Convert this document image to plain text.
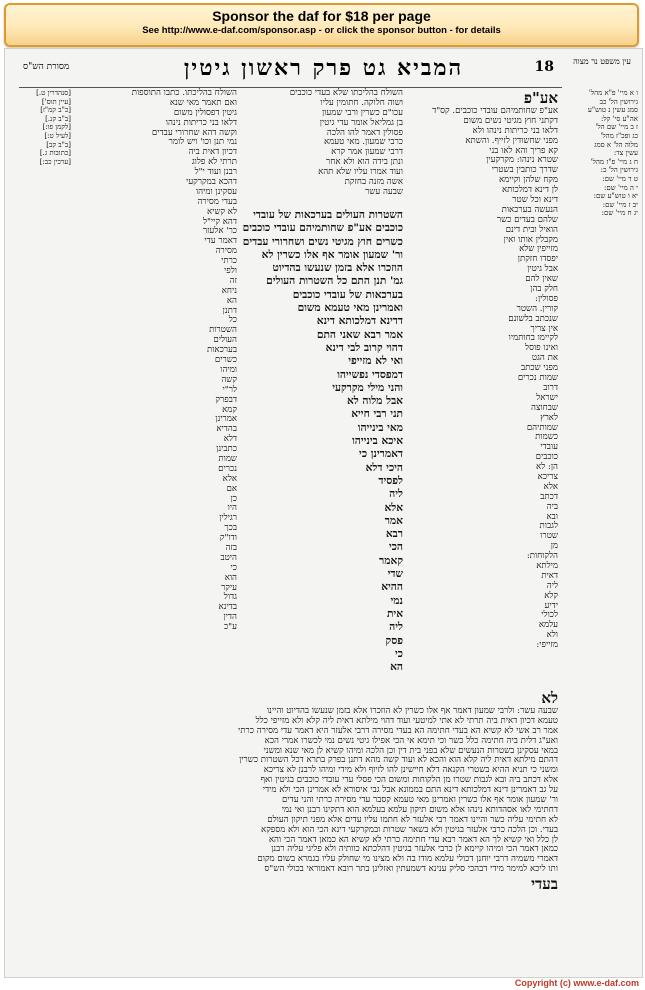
Sponsor the daf for $18 per page
See http://www.e-daf.com/sponsor.asp - or click the sponsor button - for details
עין משפט נר מצוה
18
המביא גט פרק ראשון גיטין
מסורת הש"ס
ו א מיי' פ"א מהל'
גירושין הל' כב
סמג עשין נ טוש"ע
אה"ע סי' קל:
ז ב מיי' שם הל'
כג ופכ"ז מהל'
מלוה הל' א סמג
עשין צד:
ח ג מיי' פ"ז מהל'
גירושין הל' כ:
ט ד מיי' שם:
י ה מיי' שם:
יא ו טוש"ע שם:
יב ז מיי' שם:
יג ח מיי' שם:
אע"פ
אע"פ שחותמיהם עובדי כוכבים. קס"ד
דקתני חוץ מגיטי נשים משום
דלאו בני כריתות נינהו ולא
מפני שחשודין לזייף. והשתא
קא פריך והא לאו בני
שטרא נינהו: מקרקעין
שדרך כותבין בשטרי
מקח שלהן וקיימא
לן דינא דמלכותא
דינא וכל שטר
הנעשה בערכאות
שלהם בעדים כשר
הואיל ובית דינם
מקבלין אותו ואין
מזייפין שלא
יפסדו חזקתן
אבל גיטין
שאין להם
חלק בהן
פסולין:
קורין. השטר
שנכתב בלשונם
אין צריך
לקיימו בחותמיו
ואינו פוסל
את הגט
מפני שכתב
שמות נכרים
דרוב
ישראל
שבחוצה
לארץ
שמותיהם
כשמות
עובדי
כוכבים
הן: לא
צריכא
אלא
דכתב
ביה
ובא
לגבות
שטרו
מן
הלקוחות:
מילתא
דאית
ליה
קלא
ידיע
לכולי
עלמא
ולא
מזייפי:
השולח בהליכתו שלא בעדי כוכבים
ושוה חלוקה. חתומין עליו
עכו"ם כשרין ורבי שמעון
בן גמליאל אומר עדי גיטין
פסולין דאמר להו הלכה
כרבי שמעון. מאי טעמא
דרבי שמעון אמר קרא
ונתן בידה הוא ולא אחר
ועוד אמרו עליו שלא תהא
אשה מזנה בחזקת
שבעה עשר
השטרות העולים בערכאות של עובדי
כוכבים אע"פ שחותמיהם עובדי כוכבים
כשרים חוץ מגיטי נשים ושחרורי עבדים
ור' שמעון אומר אף אלו כשרין לא
הוזכרו אלא בזמן שנעשו בהדיוט
גמ' תנן התם כל השטרות העולים
בערכאות של עובדי כוכבים
ואמרינן מאי טעמא משום
דדינא דמלכותא דינא
אמר רבא שאני התם
דהוי קרוב לבי דינא
ואי לא מזייפי
דמפסדי נפשייהו
והני מילי מקרקעי
אבל מלוה לא
תני רבי חייא
מאי בינייהו
איכא בינייהו
דאמרינן כי
היכי דלא
לפסיד
ליה
אלא
אמר
רבא
הכי
קאמר
שדי
ההיא
נמי
אית
ליה
פסק
כי
הא
השולח בהליכתו. כתבו התוספות
ואם תאמר מאי שנא
גיטין דפסולין משום
דלאו בני כריתות נינהו
וקשה דהא שחרורי עבדים
נמי תנן וכו' ויש לומר
דכיון דאית ביה
תרתי לא פלוג
רבנן ועוד י"ל
דהכא במקרקעי
עסקינן ומיהו
בעדי מסירה
לא קשיא
דהא קיי"ל
כר' אלעזר
דאמר עדי
מסירה
כרתי
ולפי
זה
ניחא
הא
דתנן
כל
השטרות
העולים
בערכאות
כשרים
ומיהו
קשה
לר"י
דבפרק
קמא
אמרינן
בהדיא
דלא
כתבינן
שמות
נכרים
אלא
אם
כן
היו
רגילין
בכך
ודו"ק
בזה
היטב
כי
הוא
עיקר
גדול
בדינא
הדין
ע"כ
לא
שבעה עשר: ולרבי שמעון דאמר אף אלו כשרין לא הוזכרו אלא בזמן שנעשו בהדיוט והיינו
טעמא דכיון דאית ביה תרתי לא אתי למיטעי ועוד דהוי מילתא דאית ליה קלא ולא מזייפי כלל
אמר רב אשי לא קשיא הא בעדי חתימה הא בעדי מסירה דרבי אלעזר היא דאמר עדי מסירה כרתי
ואע"ג דלית ביה חתימה כלל כשר וכי תימא אי הכי אפילו גיטי נשים נמי לכשרו אמרי הכא
במאי עסקינן בשטרות הנעשים שלא בפני בית דין וכן הלכה ומיהו קשיא לן מאי שנא ומשני
דהתם מילתא דאית ליה קלא הוא והכא לא ועוד קשה מהא דתנן בפרק בתרא דכל השטרות כשרין
ומשני כי תניא ההיא בשטרי הקנאה דלא חיישינן להו לזיוף ולא מידי ומיהו לרבנן לא צריכא
אלא דכתב ביה ובא לגבות שטרו מן הלקוחות ומשום הכי פסלי עדי עובדי כוכבים בגיטין ואף
על גב דאמרינן דינא דמלכותא דינא התם בממונא אבל גבי איסורא לא אמרינן הכי ולא מידי
ור' שמעון אומר אף אלו כשרין ואמרינן מאי טעמא קסבר עדי מסירה כרתי והני עדים
דחתימי לאו אסהדותא נינהו אלא משום תיקון עלמא בעלמא הוא דתקינו רבנן ואי נמי
לא חתימי עליה כשר והיינו דאמר רבי אלעזר לא חתמו עליו עדים אלא מפני תיקון העולם
בעדי. וכן הלכה כרבי אלעזר בגיטין ולא בשאר שטרות ובמקרקעי דינא הכי הוא ולא מספקא
לן כלל ואי קשיא לך הא דאמר רבא עדי חתימה כרתי לא קשיא הא כמאן דאמר הכי והא
כמאן דאמר הכי ומיהו קיימא לן כרבי אלעזר בגיטין דהלכתא כוותיה ולא פליגי עליה רבנן
דאמרי משמיה דרבי יוחנן דכולי עלמא מודו בה ולא מצינו מי שחולק עליו בגמרא בשום מקום
ותו ליכא למימר מידי דבהכי סליק ענינא דשמעתין ואזלינן בתר רובא דאמוראי בכולי הש"ס
בעדי
[סנהדרין ט.]
[עיין תוס']
[כ"ב קמ"ז]
[ב"ב קנ.]
[לקמן פו:]
[לעיל ט:]
[ב"ב קב]
[כתובות ג.]
[ערכין כב:]
Copyright (c) www.e-daf.com
